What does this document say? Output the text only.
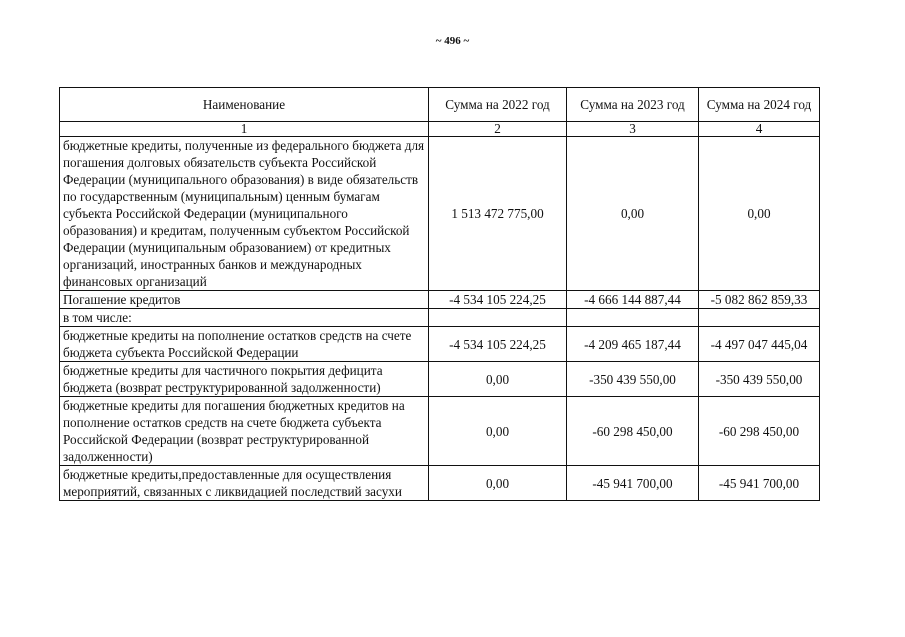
~ 496 ~
Наименование	Сумма на 2022 год	Сумма на 2023 год	Сумма на 2024 год
1	2	3	4
бюджетные кредиты, полученные из федерального бюджета для погашения долговых обязательств субъекта Российской Федерации (муниципального образования) в виде обязательств по государственным (муниципальным) ценным бумагам субъекта Российской Федерации (муниципального образования) и кредитам, полученным субъектом Российской Федерации (муниципальным образованием) от кредитных организаций, иностранных банков и международных финансовых организаций	1 513 472 775,00	0,00	0,00
Погашение кредитов	-4 534 105 224,25	-4 666 144 887,44	-5 082 862 859,33
в том числе:			
бюджетные кредиты на пополнение остатков средств на счете бюджета субъекта Российской Федерации	-4 534 105 224,25	-4 209 465 187,44	-4 497 047 445,04
бюджетные кредиты для частичного покрытия дефицита бюджета (возврат реструктурированной задолженности)	0,00	-350 439 550,00	-350 439 550,00
бюджетные кредиты для погашения бюджетных кредитов на пополнение остатков средств на счете бюджета субъекта Российской Федерации (возврат реструктурированной задолженности)	0,00	-60 298 450,00	-60 298 450,00
бюджетные кредиты,предоставленные для осуществления мероприятий, связанных с ликвидацией последствий засухи	0,00	-45 941 700,00	-45 941 700,00
